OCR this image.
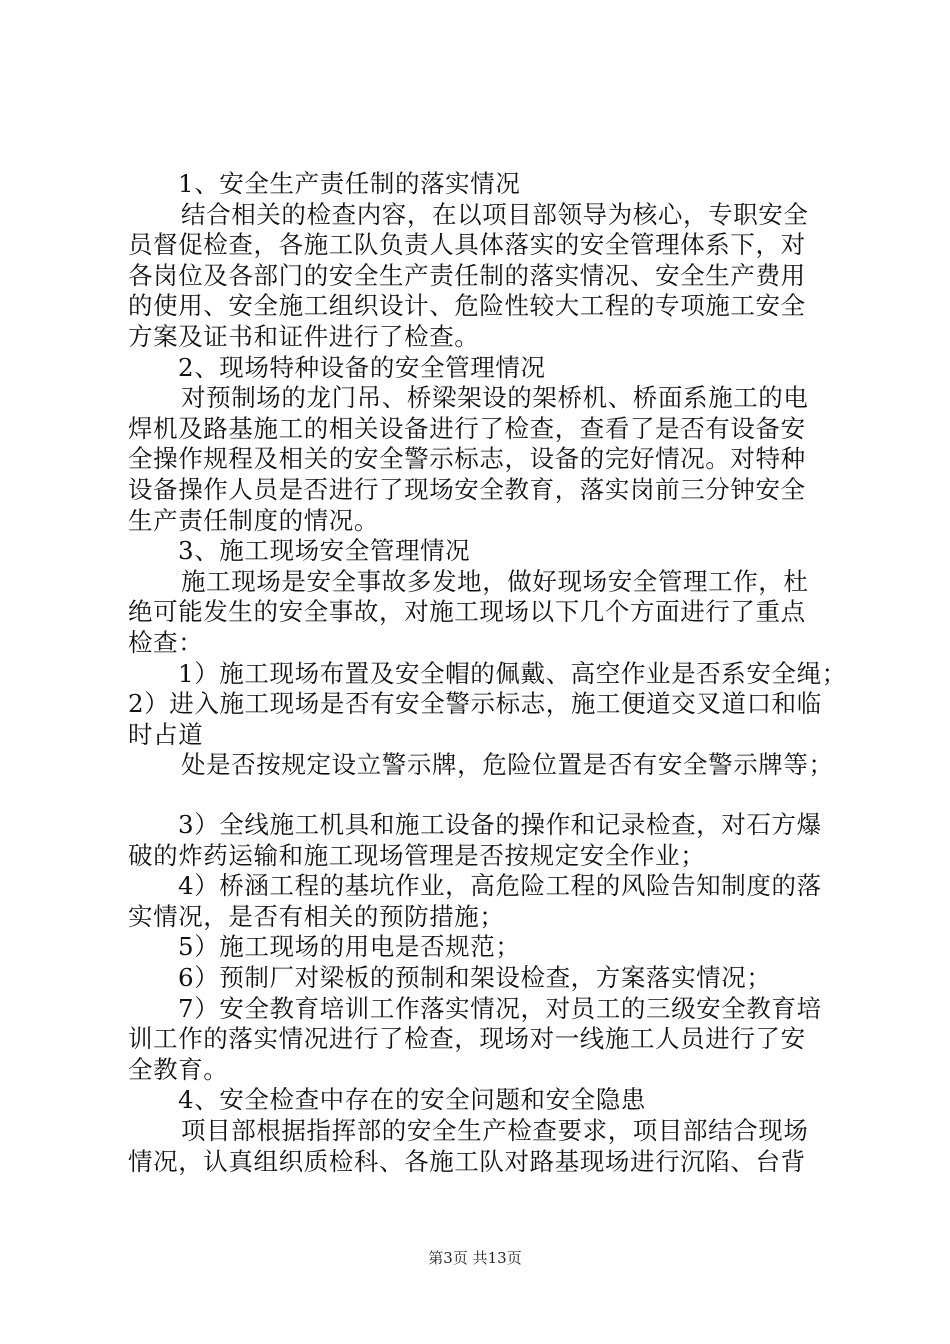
1、安全生产责任制的落实情况
结合相关的检查内容，在以项目部领导为核心，专职安全
员督促检查，各施工队负责人具体落实的安全管理体系下，对
各岗位及各部门的安全生产责任制的落实情况、安全生产费用
的使用、安全施工组织设计、危险性较大工程的专项施工安全
方案及证书和证件进行了检查。
2、现场特种设备的安全管理情况
对预制场的龙门吊、桥梁架设的架桥机、桥面系施工的电
焊机及路基施工的相关设备进行了检查，查看了是否有设备安
全操作规程及相关的安全警示标志，设备的完好情况。对特种
设备操作人员是否进行了现场安全教育，落实岗前三分钟安全
生产责任制度的情况。
3、施工现场安全管理情况
施工现场是安全事故多发地，做好现场安全管理工作，杜
绝可能发生的安全事故，对施工现场以下几个方面进行了重点
检查：
1）施工现场布置及安全帽的佩戴、高空作业是否系安全绳；
2）进入施工现场是否有安全警示标志，施工便道交叉道口和临
时占道
处是否按规定设立警示牌，危险位置是否有安全警示牌等；
3）全线施工机具和施工设备的操作和记录检查，对石方爆
破的炸药运输和施工现场管理是否按规定安全作业；
4）桥涵工程的基坑作业，高危险工程的风险告知制度的落
实情况，是否有相关的预防措施；
5）施工现场的用电是否规范；
6）预制厂对梁板的预制和架设检查，方案落实情况；
7）安全教育培训工作落实情况，对员工的三级安全教育培
训工作的落实情况进行了检查，现场对一线施工人员进行了安
全教育。
4、安全检查中存在的安全问题和安全隐患
项目部根据指挥部的安全生产检查要求，项目部结合现场
情况，认真组织质检科、各施工队对路基现场进行沉陷、台背
第3页 共13页
